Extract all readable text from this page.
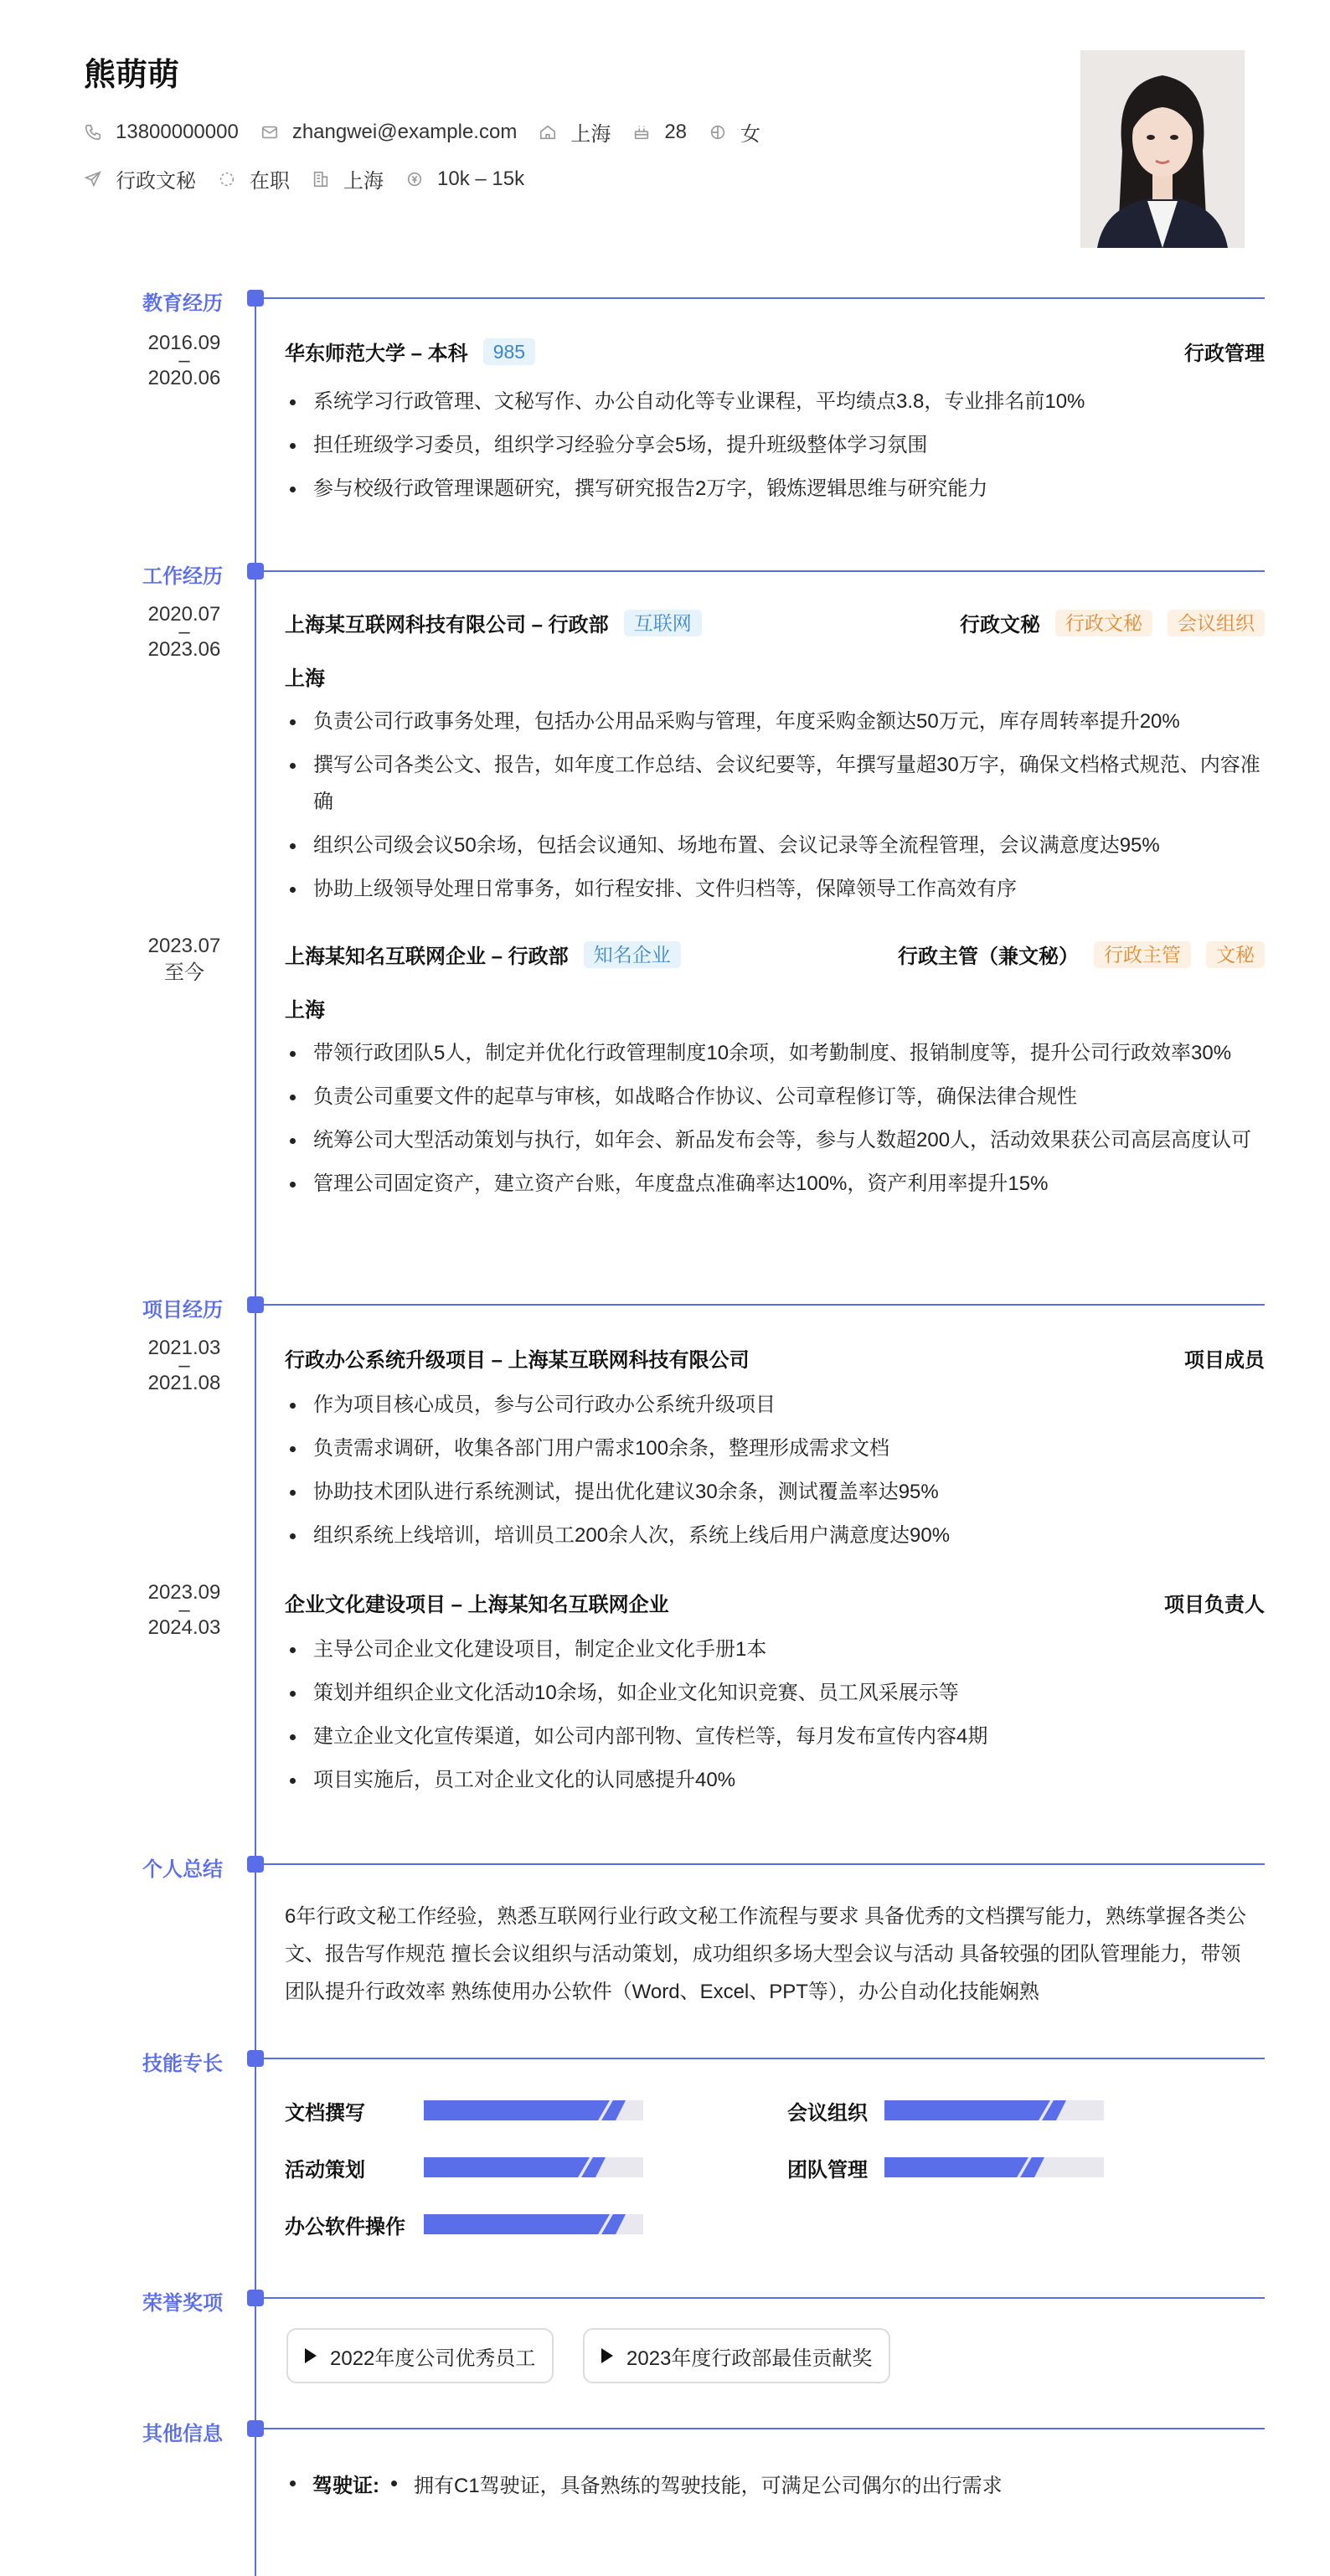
熊萌萌
13800000000	zhangwei@example.com	上海	28	女
行政文秘	在职	上海	10k – 15k
教育经历
2016.09
–
2020.06
华东师范大学 – 本科	985	行政管理
系统学习行政管理、文秘写作、办公自动化等专业课程，平均绩点3.8，专业排名前10%
担任班级学习委员，组织学习经验分享会5场，提升班级整体学习氛围
参与校级行政管理课题研究，撰写研究报告2万字，锻炼逻辑思维与研究能力
工作经历
2020.07
–
2023.06
上海某互联网科技有限公司 – 行政部	互联网	行政文秘	行政文秘	会议组织
上海
负责公司行政事务处理，包括办公用品采购与管理，年度采购金额达50万元，库存周转率提升20%
撰写公司各类公文、报告，如年度工作总结、会议纪要等，年撰写量超30万字，确保文档格式规范、内容准确
组织公司级会议50余场，包括会议通知、场地布置、会议记录等全流程管理，会议满意度达95%
协助上级领导处理日常事务，如行程安排、文件归档等，保障领导工作高效有序
2023.07

至今
上海某知名互联网企业 – 行政部	知名企业	行政主管（兼文秘）	行政主管	文秘
上海
带领行政团队5人，制定并优化行政管理制度10余项，如考勤制度、报销制度等，提升公司行政效率30%
负责公司重要文件的起草与审核，如战略合作协议、公司章程修订等，确保法律合规性
统筹公司大型活动策划与执行，如年会、新品发布会等，参与人数超200人，活动效果获公司高层高度认可
管理公司固定资产，建立资产台账，年度盘点准确率达100%，资产利用率提升15%
项目经历
2021.03
–
2021.08
行政办公系统升级项目 – 上海某互联网科技有限公司	项目成员
作为项目核心成员，参与公司行政办公系统升级项目
负责需求调研，收集各部门用户需求100余条，整理形成需求文档
协助技术团队进行系统测试，提出优化建议30余条，测试覆盖率达95%
组织系统上线培训，培训员工200余人次，系统上线后用户满意度达90%
2023.09
–
2024.03
企业文化建设项目 – 上海某知名互联网企业	项目负责人
主导公司企业文化建设项目，制定企业文化手册1本
策划并组织企业文化活动10余场，如企业文化知识竞赛、员工风采展示等
建立企业文化宣传渠道，如公司内部刊物、宣传栏等，每月发布宣传内容4期
项目实施后，员工对企业文化的认同感提升40%
个人总结
6年行政文秘工作经验，熟悉互联网行业行政文秘工作流程与要求 具备优秀的文档撰写能力，熟练掌握各类公
文、报告写作规范 擅长会议组织与活动策划，成功组织多场大型会议与活动 具备较强的团队管理能力，带领
团队提升行政效率 熟练使用办公软件（Word、Excel、PPT等），办公自动化技能娴熟
技能专长
文档撰写	会议组织
活动策划	团队管理
办公软件操作
荣誉奖项
2022年度公司优秀员工	2023年度行政部最佳贡献奖
其他信息
驾驶证: 拥有C1驾驶证，具备熟练的驾驶技能，可满足公司偶尔的出行需求
